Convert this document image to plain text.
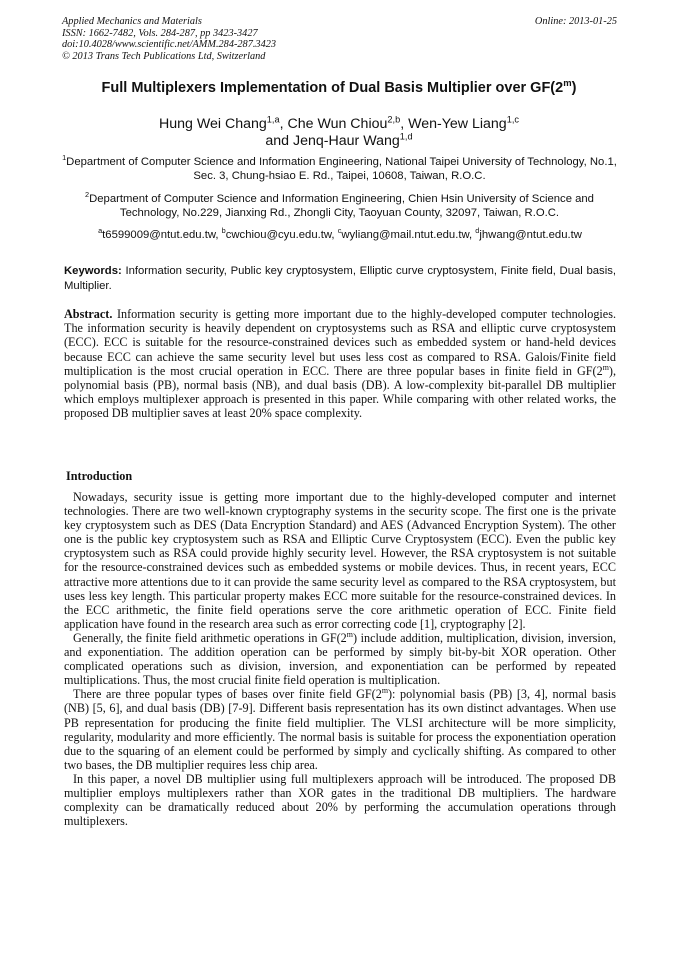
Applied Mechanics and Materials
ISSN: 1662-7482, Vols. 284-287, pp 3423-3427
doi:10.4028/www.scientific.net/AMM.284-287.3423
© 2013 Trans Tech Publications Ltd, Switzerland
Online: 2013-01-25
Full Multiplexers Implementation of Dual Basis Multiplier over GF(2$^m$)
Hung Wei Chang$^{1,a}$, Che Wun Chiou$^{2,b}$, Wen-Yew Liang$^{1,c}$
and Jenq-Haur Wang$^{1,d}$
$^1$Department of Computer Science and Information Engineering, National Taipei University of Technology, No.1, Sec. 3, Chung-hsiao E. Rd., Taipei, 10608, Taiwan, R.O.C.
$^2$Department of Computer Science and Information Engineering, Chien Hsin University of Science and Technology, No.229, Jianxing Rd., Zhongli City, Taoyuan County, 32097, Taiwan, R.O.C.
$^a$t6599009@ntut.edu.tw, $^b$cwchiou@cyu.edu.tw, $^c$wyliang@mail.ntut.edu.tw, $^d$jhwang@ntut.edu.tw
Keywords: Information security, Public key cryptosystem, Elliptic curve cryptosystem, Finite field, Dual basis, Multiplier.
Abstract. Information security is getting more important due to the highly-developed computer technologies. The information security is heavily dependent on cryptosystems such as RSA and elliptic curve cryptosystem (ECC). ECC is suitable for the resource-constrained devices such as embedded system or hand-held devices because ECC can achieve the same security level but uses less cost as compared to RSA. Galois/Finite field multiplication is the most crucial operation in ECC. There are three popular bases in finite field in GF(2$^m$), polynomial basis (PB), normal basis (NB), and dual basis (DB). A low-complexity bit-parallel DB multiplier which employs multiplexer approach is presented in this paper. While comparing with other related works, the proposed DB multiplier saves at least 20% space complexity.
Introduction

Nowadays, security issue is getting more important due to the highly-developed computer and internet technologies. There are two well-known cryptography systems in the security scope. The first one is the private key cryptosystem such as DES (Data Encryption Standard) and AES (Advanced Encryption System). The other one is the public key cryptosystem such as RSA and Elliptic Curve Cryptosystem (ECC). Even the public key cryptosystem such as RSA could provide highly security level. However, the RSA cryptosystem is not suitable for the resource-constrained devices such as embedded systems or mobile devices. Thus, in recent years, ECC attractive more attentions due to it can provide the same security level as compared to the RSA cryptosystem, but uses less key length. This particular property makes ECC more suitable for the resource-constrained devices. In the ECC arithmetic, the finite field operations serve the core arithmetic operation of ECC. Finite field application have found in the research area such as error correcting code [1], cryptography [2].

Generally, the finite field arithmetic operations in GF(2$^m$) include addition, multiplication, division, inversion, and exponentiation. The addition operation can be performed by simply bit-by-bit XOR operation. Other complicated operations such as division, inversion, and exponentiation can be performed by repeated multiplications. Thus, the most crucial finite field operation is multiplication.

There are three popular types of bases over finite field GF(2$^m$): polynomial basis (PB) [3, 4], normal basis (NB) [5, 6], and dual basis (DB) [7-9]. Different basis representation has its own distinct advantages. When use PB representation for producing the finite field multiplier. The VLSI architecture will be more simplicity, regularity, modularity and more efficiently. The normal basis is suitable for process the exponentiation operation due to the squaring of an element could be performed by simply and cyclically shifting. As compared to other two bases, the DB multiplier requires less chip area.

In this paper, a novel DB multiplier using full multiplexers approach will be introduced. The proposed DB multiplier employs multiplexers rather than XOR gates in the traditional DB multipliers. The hardware complexity can be dramatically reduced about 20% by performing the accumulation operations through multiplexers.
